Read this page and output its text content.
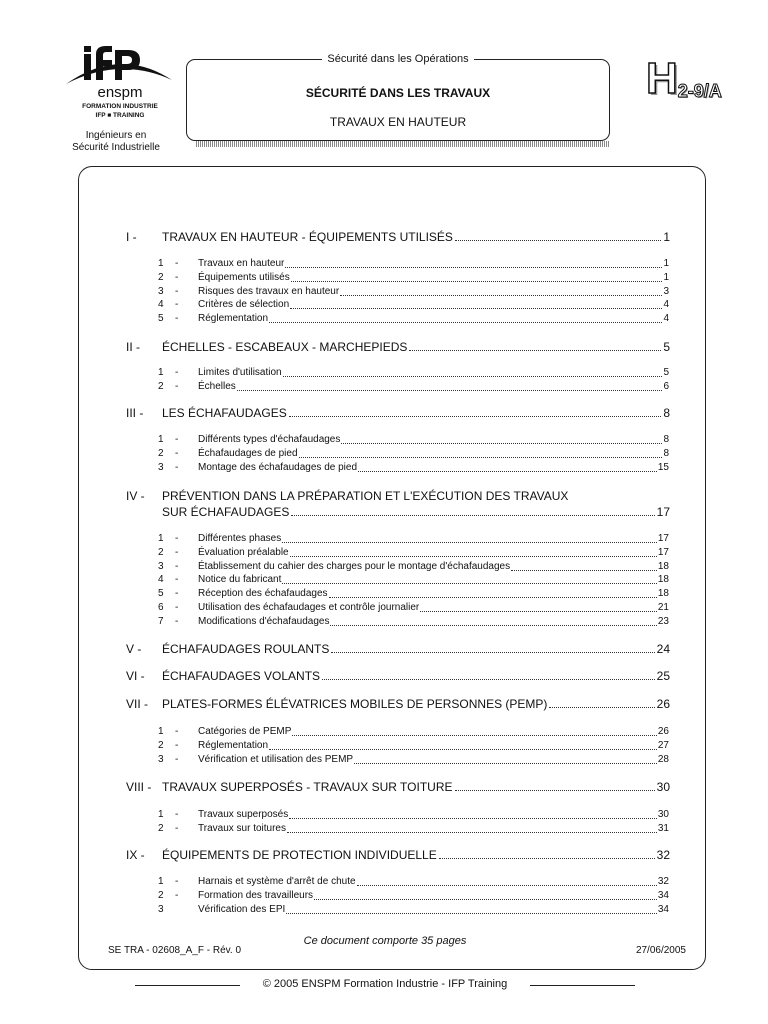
enspm
FORMATION INDUSTRIE
IFP ■ TRAINING
Ingénieurs en
Sécurité Industrielle
Sécurité dans les Opérations
SÉCURITÉ DANS LES TRAVAUX
TRAVAUX EN HAUTEUR
H2-9/A
I - TRAVAUX EN HAUTEUR - ÉQUIPEMENTS UTILISÉS	1
1 - Travaux en hauteur	1
2 - Équipements utilisés	1
3 - Risques des travaux en hauteur	3
4 - Critères de sélection	4
5 - Réglementation	4
II - ÉCHELLES - ESCABEAUX - MARCHEPIEDS	5
1 - Limites d'utilisation	5
2 - Échelles	6
III - LES ÉCHAFAUDAGES	8
1 - Différents types d'échafaudages	8
2 - Échafaudages de pied	8
3 - Montage des échafaudages de pied	15
IV - PRÉVENTION DANS LA PRÉPARATION ET L'EXÉCUTION DES TRAVAUX
SUR ÉCHAFAUDAGES	17
1 - Différentes phases	17
2 - Évaluation préalable	17
3 - Établissement du cahier des charges pour le montage d'échafaudages	18
4 - Notice du fabricant	18
5 - Réception des échafaudages	18
6 - Utilisation des échafaudages et contrôle journalier	21
7 - Modifications d'échafaudages	23
V - ÉCHAFAUDAGES ROULANTS	24
VI - ÉCHAFAUDAGES VOLANTS	25
VII - PLATES-FORMES ÉLÉVATRICES MOBILES DE PERSONNES (PEMP)	26
1 - Catégories de PEMP	26
2 - Réglementation	27
3 - Vérification et utilisation des PEMP	28
VIII - TRAVAUX SUPERPOSÉS - TRAVAUX SUR TOITURE	30
1 - Travaux superposés	30
2 - Travaux sur toitures	31
IX - ÉQUIPEMENTS DE PROTECTION INDIVIDUELLE	32
1 - Harnais et système d'arrêt de chute	32
2 - Formation des travailleurs	34
3	Vérification des EPI	34
SE TRA - 02608_A_F - Rév. 0
Ce document comporte 35 pages
27/06/2005
© 2005 ENSPM Formation Industrie - IFP Training
